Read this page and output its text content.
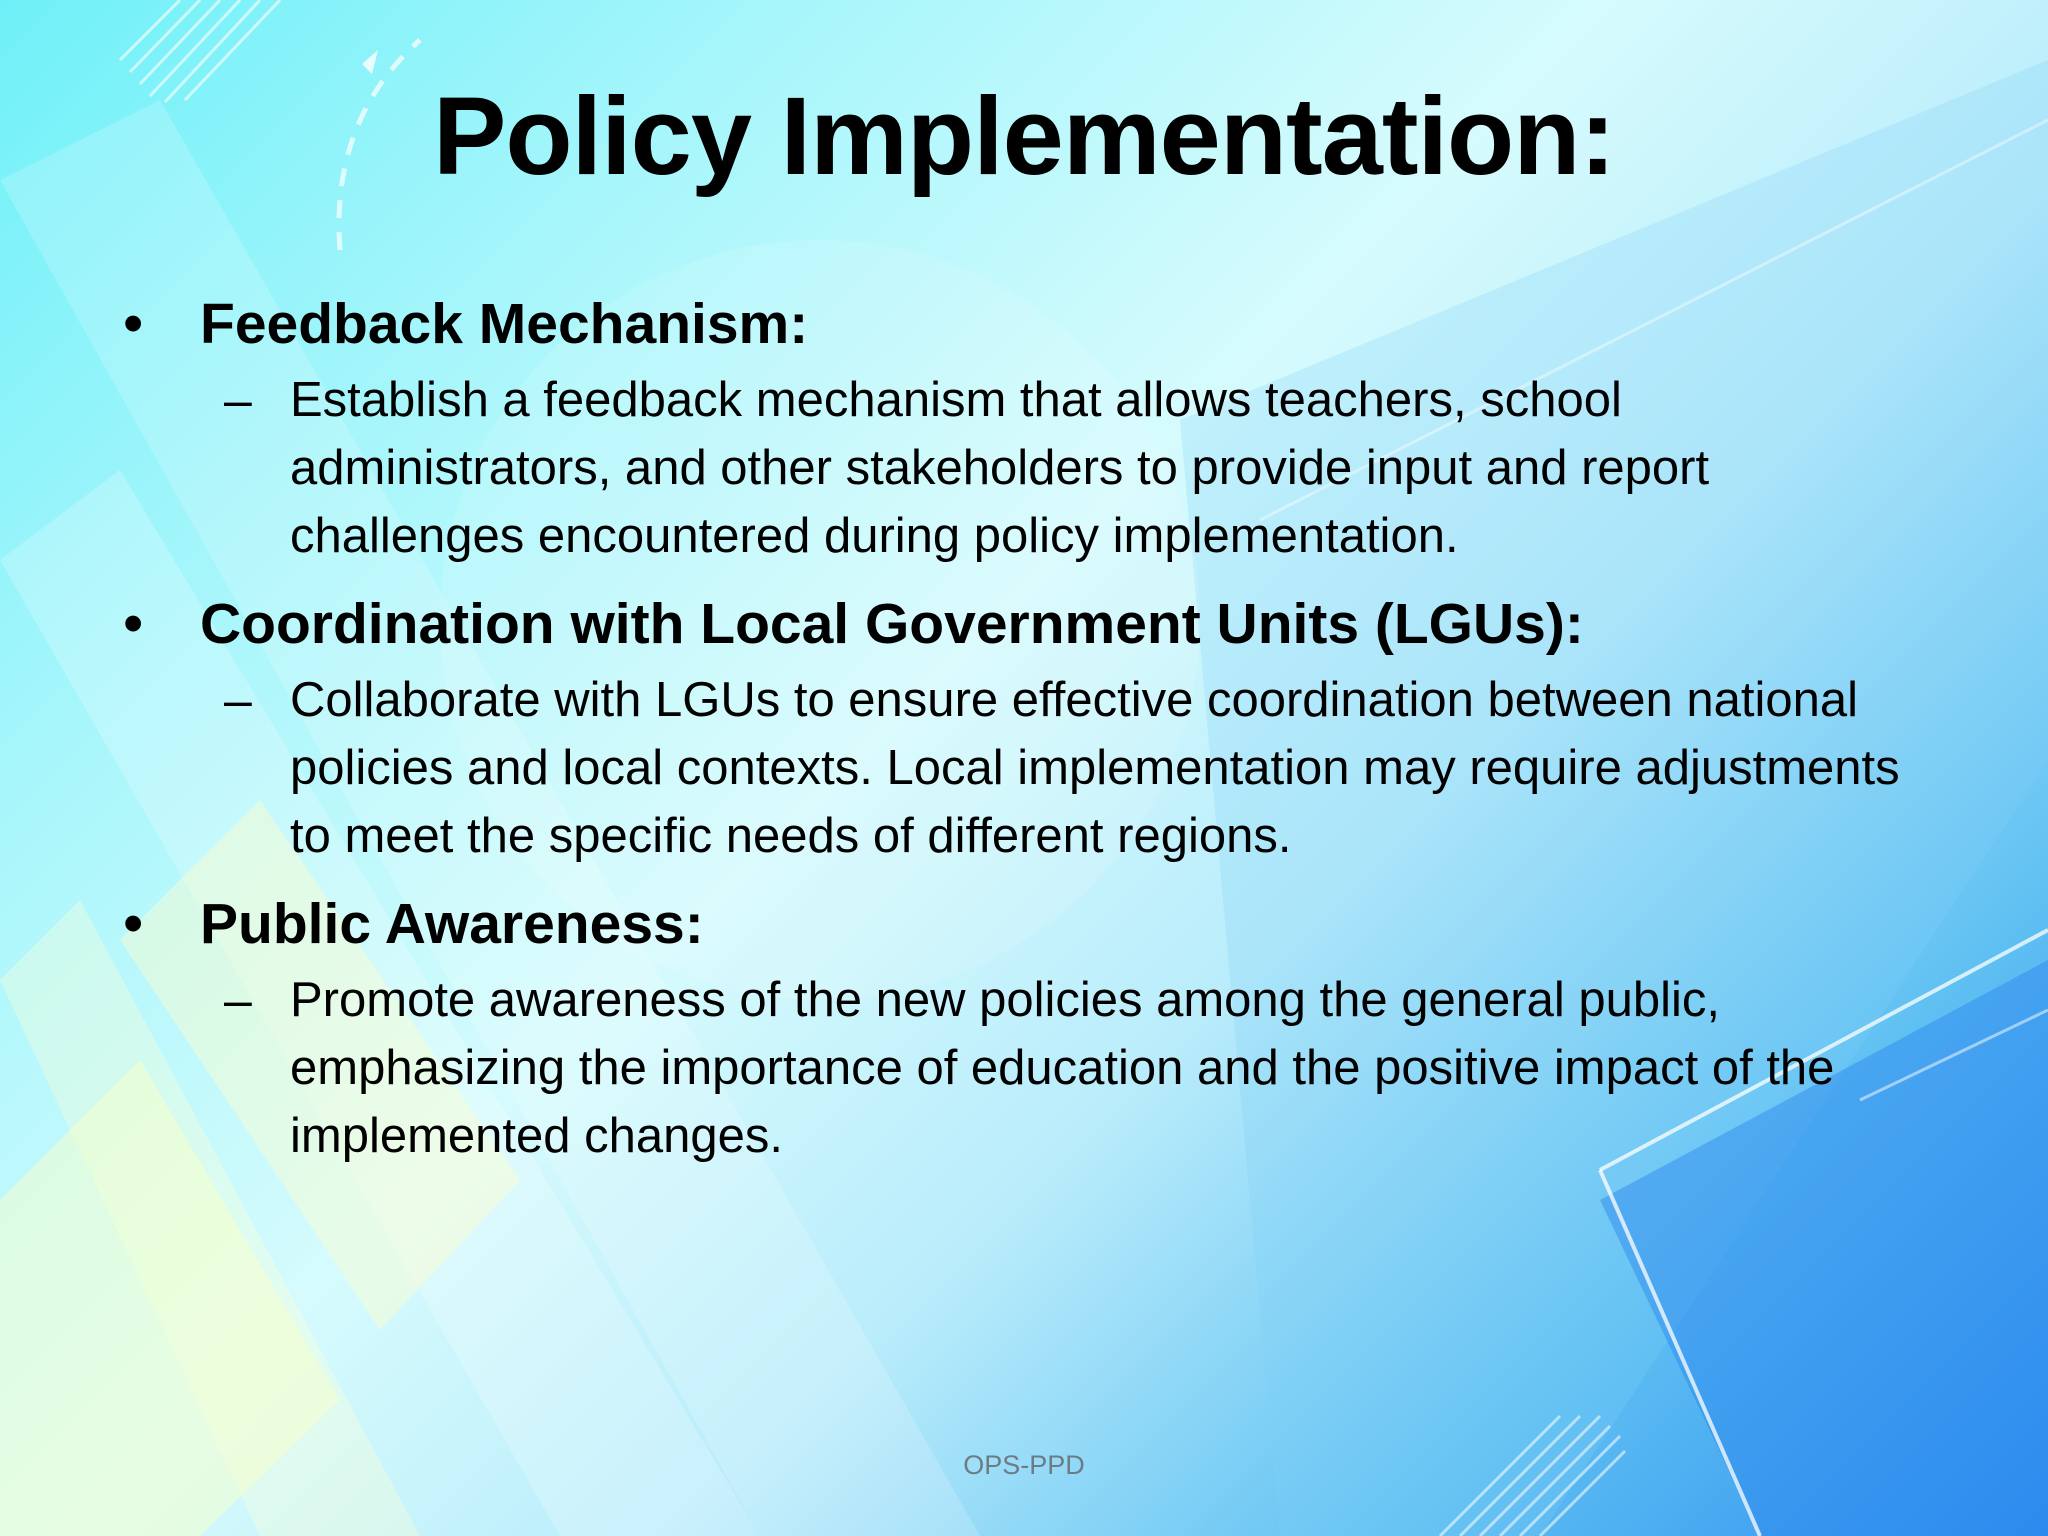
Policy Implementation:
• Feedback Mechanism:
– Establish a feedback mechanism that allows teachers, school administrators, and other stakeholders to provide input and report challenges encountered during policy implementation.
• Coordination with Local Government Units (LGUs):
– Collaborate with LGUs to ensure effective coordination between national policies and local contexts. Local implementation may require adjustments to meet the specific needs of different regions.
• Public Awareness:
– Promote awareness of the new policies among the general public, emphasizing the importance of education and the positive impact of the implemented changes.
OPS-PPD
